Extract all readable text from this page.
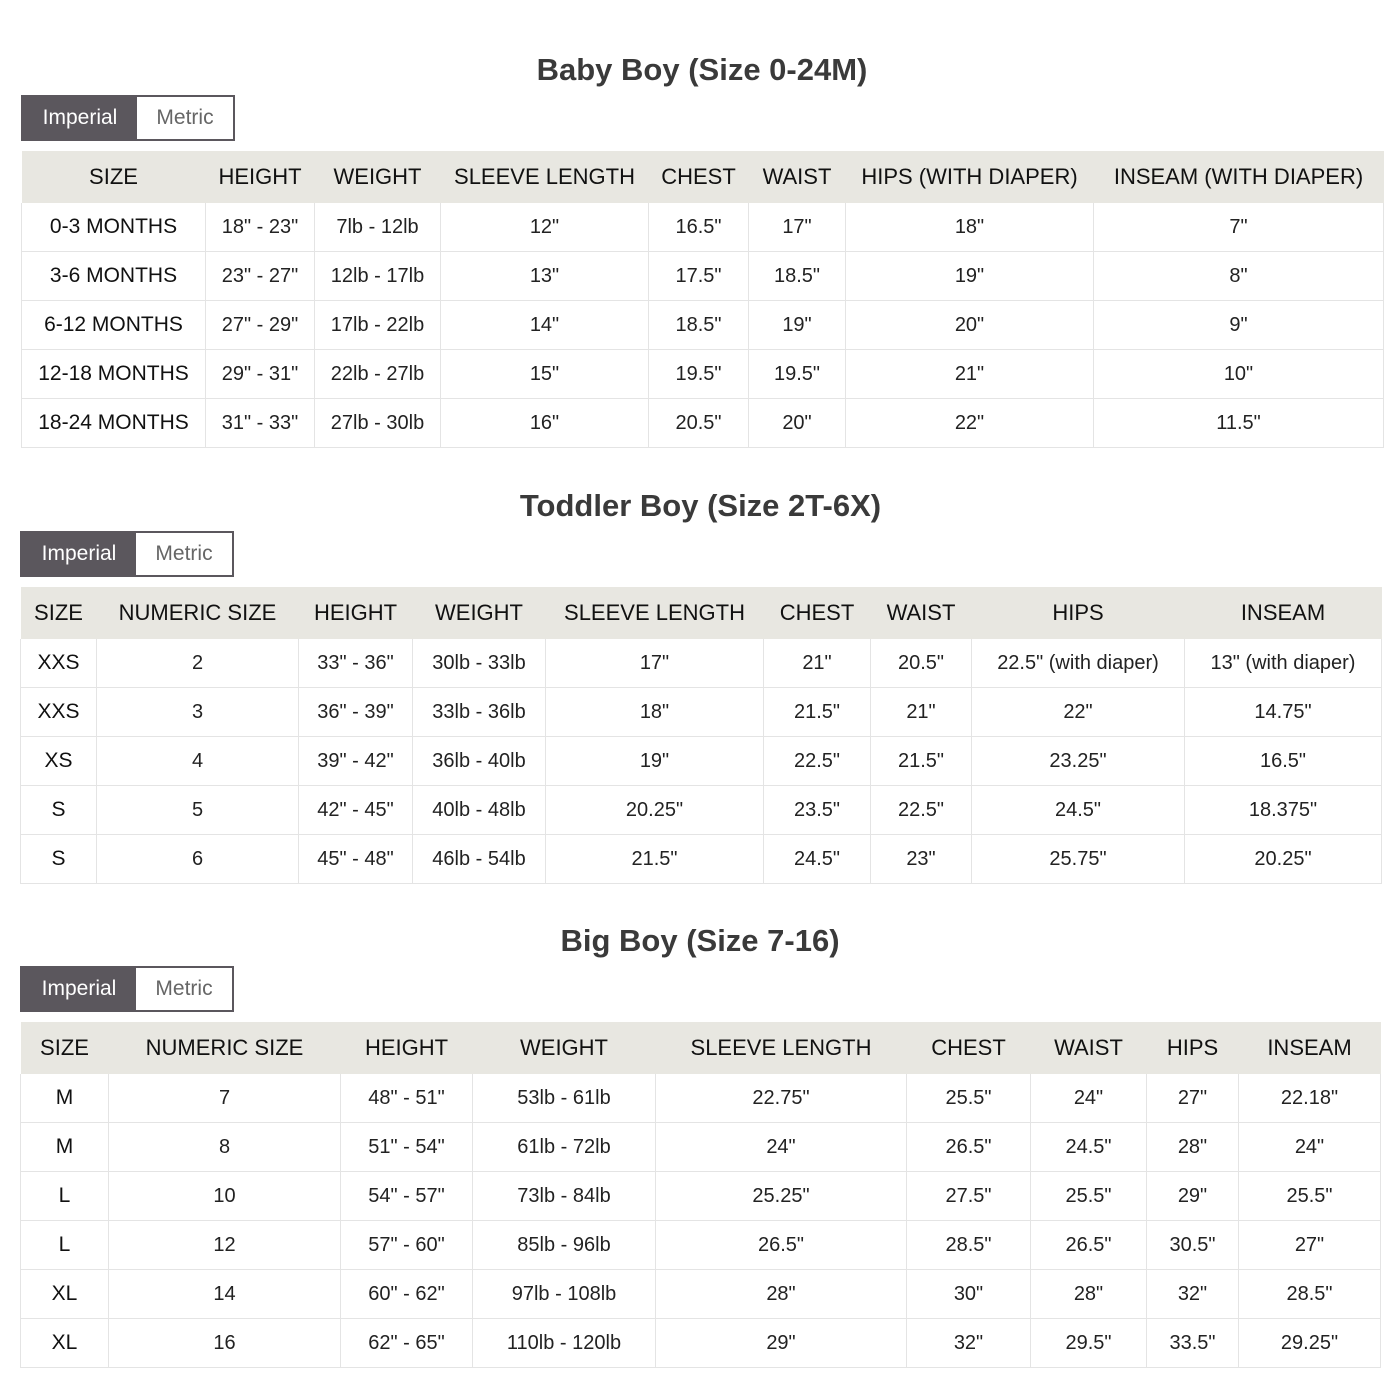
Baby Boy (Size 0-24M)
Imperial	Metric
SIZE	HEIGHT	WEIGHT	SLEEVE LENGTH	CHEST	WAIST	HIPS (WITH DIAPER)	INSEAM (WITH DIAPER)
0-3 MONTHS	18" - 23"	7lb - 12lb	12"	16.5"	17"	18"	7"
3-6 MONTHS	23" - 27"	12lb - 17lb	13"	17.5"	18.5"	19"	8"
6-12 MONTHS	27" - 29"	17lb - 22lb	14"	18.5"	19"	20"	9"
12-18 MONTHS	29" - 31"	22lb - 27lb	15"	19.5"	19.5"	21"	10"
18-24 MONTHS	31" - 33"	27lb - 30lb	16"	20.5"	20"	22"	11.5"
Toddler Boy (Size 2T-6X)
Imperial	Metric
SIZE	NUMERIC SIZE	HEIGHT	WEIGHT	SLEEVE LENGTH	CHEST	WAIST	HIPS	INSEAM
XXS	2	33" - 36"	30lb - 33lb	17"	21"	20.5"	22.5" (with diaper)	13" (with diaper)
XXS	3	36" - 39"	33lb - 36lb	18"	21.5"	21"	22"	14.75"
XS	4	39" - 42"	36lb - 40lb	19"	22.5"	21.5"	23.25"	16.5"
S	5	42" - 45"	40lb - 48lb	20.25"	23.5"	22.5"	24.5"	18.375"
S	6	45" - 48"	46lb - 54lb	21.5"	24.5"	23"	25.75"	20.25"
Big Boy (Size 7-16)
Imperial	Metric
SIZE	NUMERIC SIZE	HEIGHT	WEIGHT	SLEEVE LENGTH	CHEST	WAIST	HIPS	INSEAM
M	7	48" - 51"	53lb - 61lb	22.75"	25.5"	24"	27"	22.18"
M	8	51" - 54"	61lb - 72lb	24"	26.5"	24.5"	28"	24"
L	10	54" - 57"	73lb - 84lb	25.25"	27.5"	25.5"	29"	25.5"
L	12	57" - 60"	85lb - 96lb	26.5"	28.5"	26.5"	30.5"	27"
XL	14	60" - 62"	97lb - 108lb	28"	30"	28"	32"	28.5"
XL	16	62" - 65"	110lb - 120lb	29"	32"	29.5"	33.5"	29.25"
